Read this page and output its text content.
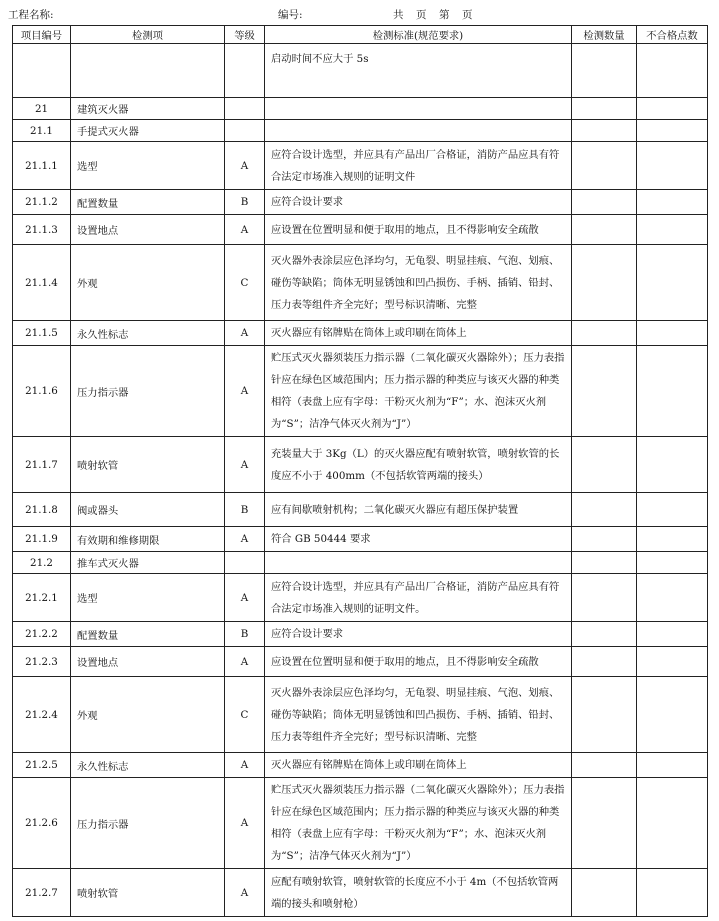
工程名称:	编号:	共　页　第　页
项目编号	检测项	等级	检测标准(规范要求)	检测数量	不合格点数
			启动时间不应大于 5s		
21	建筑灭火器				
21.1	手提式灭火器				
21.1.1	选型	A	应符合设计选型，并应具有产品出厂合格证，消防产品应具有符合法定市场准入规则的证明文件		
21.1.2	配置数量	B	应符合设计要求		
21.1.3	设置地点	A	应设置在位置明显和便于取用的地点，且不得影响安全疏散		
21.1.4	外观	C	灭火器外表涂层应色泽均匀，无龟裂、明显挂痕、气泡、划痕、碰伤等缺陷；筒体无明显锈蚀和凹凸损伤、手柄、插销、铅封、压力表等组件齐全完好；型号标识清晰、完整		
21.1.5	永久性标志	A	灭火器应有铭牌贴在筒体上或印刷在筒体上		
21.1.6	压力指示器	A	贮压式灭火器须装压力指示器（二氧化碳灭火器除外）；压力表指针应在绿色区域范围内；压力指示器的种类应与该灭火器的种类相符（表盘上应有字母：干粉灭火剂为“F”；水、泡沫灭火剂为“S”；洁净气体灭火剂为“J”）		
21.1.7	喷射软管	A	充装量大于 3Kg（L）的灭火器应配有喷射软管，喷射软管的长度应不小于 400mm（不包括软管两端的接头）		
21.1.8	阀或器头	B	应有间歇喷射机构；二氧化碳灭火器应有超压保护装置		
21.1.9	有效期和维修期限	A	符合 GB 50444 要求		
21.2	推车式灭火器				
21.2.1	选型	A	应符合设计选型，并应具有产品出厂合格证，消防产品应具有符合法定市场准入规则的证明文件。		
21.2.2	配置数量	B	应符合设计要求		
21.2.3	设置地点	A	应设置在位置明显和便于取用的地点，且不得影响安全疏散		
21.2.4	外观	C	灭火器外表涂层应色泽均匀，无龟裂、明显挂痕、气泡、划痕、碰伤等缺陷；筒体无明显锈蚀和凹凸损伤、手柄、插销、铅封、压力表等组件齐全完好；型号标识清晰、完整		
21.2.5	永久性标志	A	灭火器应有铭牌贴在筒体上或印刷在筒体上		
21.2.6	压力指示器	A	贮压式灭火器须装压力指示器（二氧化碳灭火器除外）；压力表指针应在绿色区域范围内；压力指示器的种类应与该灭火器的种类相符（表盘上应有字母：干粉灭火剂为“F”；水、泡沫灭火剂为“S”；洁净气体灭火剂为“J”）		
21.2.7	喷射软管	A	应配有喷射软管，喷射软管的长度应不小于 4m（不包括软管两端的接头和喷射枪）		
